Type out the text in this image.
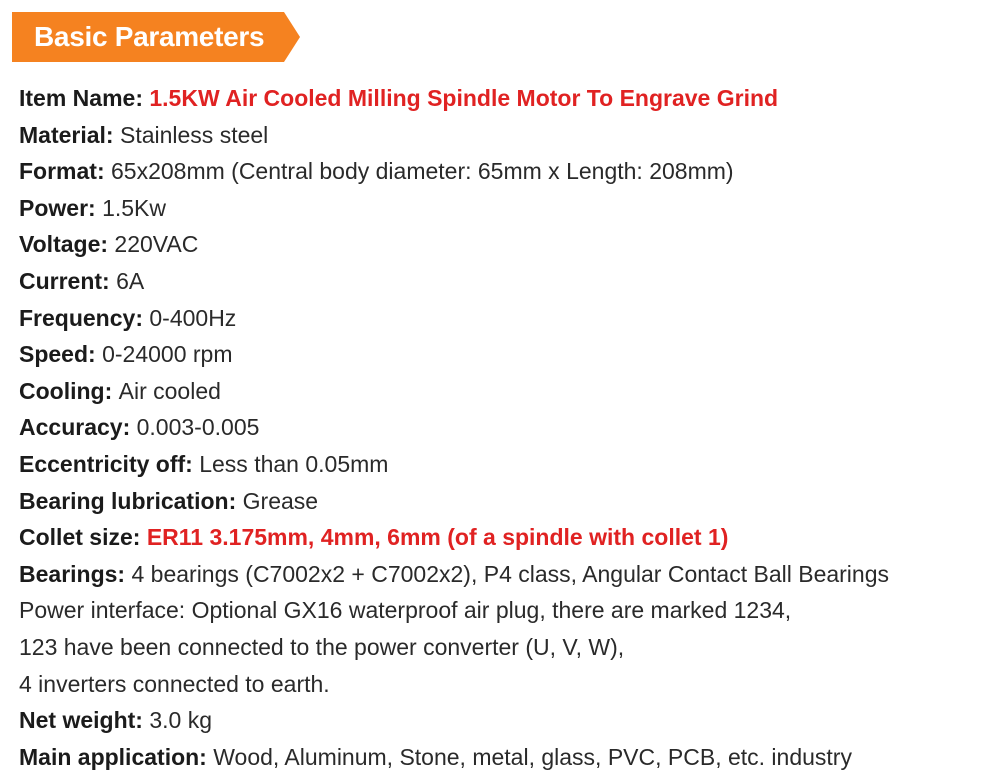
Basic Parameters
Item Name: 1.5KW Air Cooled Milling Spindle Motor To Engrave Grind
Material: Stainless steel
Format: 65x208mm (Central body diameter: 65mm x Length: 208mm)
Power: 1.5Kw
Voltage: 220VAC
Current: 6A
Frequency: 0-400Hz
Speed: 0-24000 rpm
Cooling: Air cooled
Accuracy: 0.003-0.005
Eccentricity off: Less than 0.05mm
Bearing lubrication: Grease
Collet size: ER11 3.175mm, 4mm, 6mm (of a spindle with collet 1)
Bearings: 4 bearings (C7002x2 + C7002x2), P4 class, Angular Contact Ball Bearings
Power interface: Optional GX16 waterproof air plug, there are marked 1234,
123 have been connected to the power converter (U, V, W),
4 inverters connected to earth.
Net weight: 3.0 kg
Main application: Wood, Aluminum, Stone, metal, glass, PVC, PCB, etc. industry
